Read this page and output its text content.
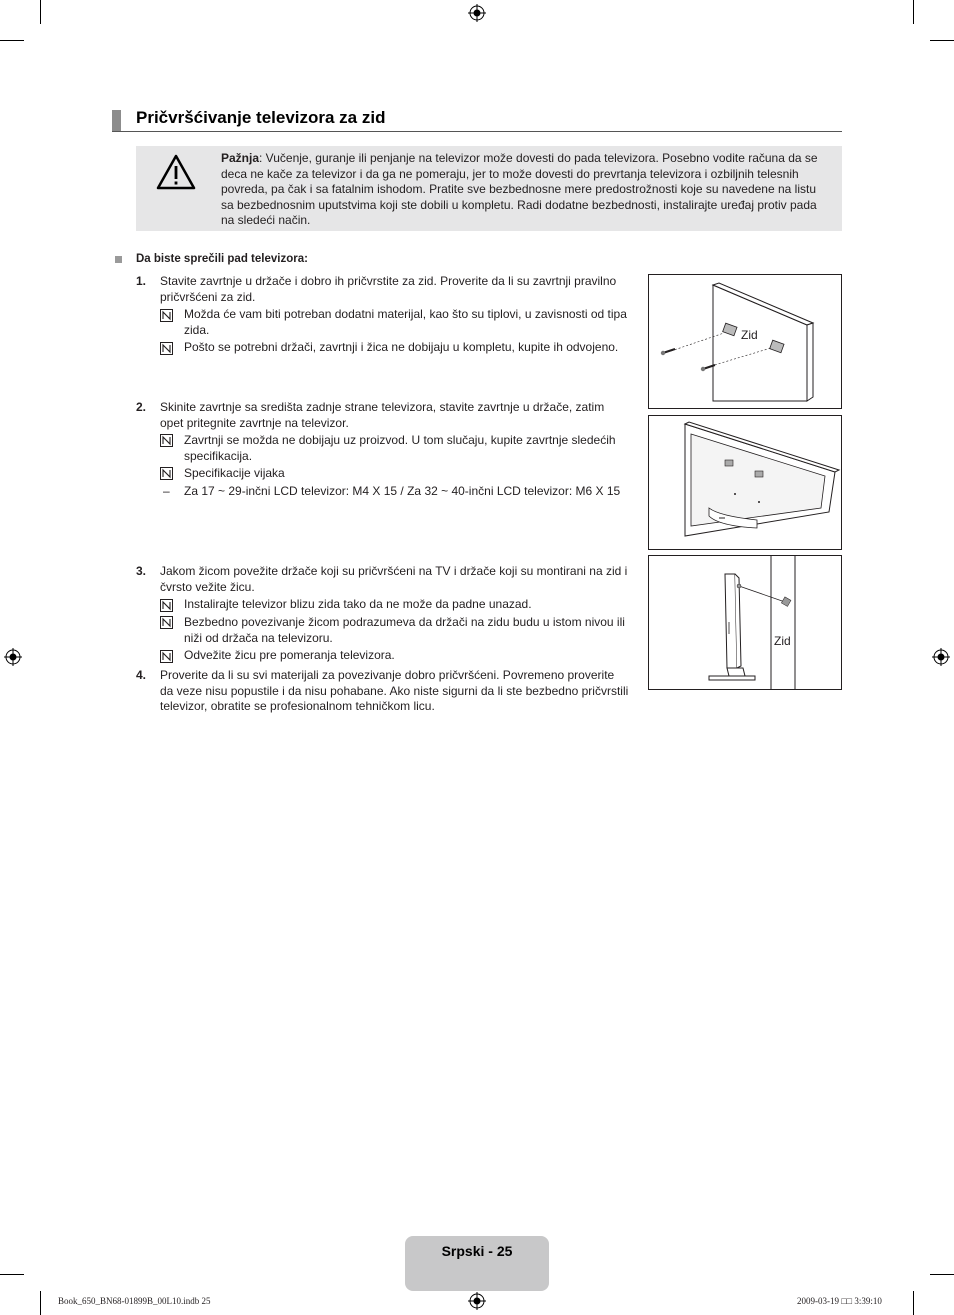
Pričvršćivanje televizora za zid
Pažnja: Vučenje, guranje ili penjanje na televizor može dovesti do pada televizora. Posebno vodite računa da se deca ne kače za televizor i da ga ne pomeraju, jer to može dovesti do prevrtanja televizora i ozbiljnih telesnih povreda, pa čak i sa fatalnim ishodom. Pratite sve bezbednosne mere predostrožnosti koje su navedene na listu sa bezbednosnim uputstvima koji ste dobili u kompletu. Radi dodatne bezbednosti, instalirajte uređaj protiv pada na sledeći način.
Da biste sprečili pad televizora:
1. Stavite zavrtnje u držače i dobro ih pričvrstite za zid. Proverite da li su zavrtnji pravilno pričvršćeni za zid.
Možda će vam biti potreban dodatni materijal, kao što su tiplovi, u zavisnosti od tipa zida.
Pošto se potrebni držači, zavrtnji i žica ne dobijaju u kompletu, kupite ih odvojeno.
2. Skinite zavrtnje sa središta zadnje strane televizora, stavite zavrtnje u držače, zatim opet pritegnite zavrtnje na televizor.
Zavrtnji se možda ne dobijaju uz proizvod. U tom slučaju, kupite zavrtnje sledećih specifikacija.
Specifikacije vijaka
– Za 17 ~ 29-inčni LCD televizor: M4 X 15 / Za 32 ~ 40-inčni LCD televizor: M6 X 15
3. Jakom žicom povežite držače koji su pričvršćeni na TV i držače koji su montirani na zid i čvrsto vežite žicu.
Instalirajte televizor blizu zida tako da ne može da padne unazad.
Bezbedno povezivanje žicom podrazumeva da držači na zidu budu u istom nivou ili niži od držača na televizoru.
Odvežite žicu pre pomeranja televizora.
4. Proverite da li su svi materijali za povezivanje dobro pričvršćeni. Povremeno proverite da veze nisu popustile i da nisu pohabane. Ako niste sigurni da li ste bezbedno pričvrstili televizor, obratite se profesionalnom tehničkom licu.
Zid
Zid
Srpski - 25
Book_650_BN68-01899B_00L10.indb 25	2009-03-19 □□ 3:39:10
